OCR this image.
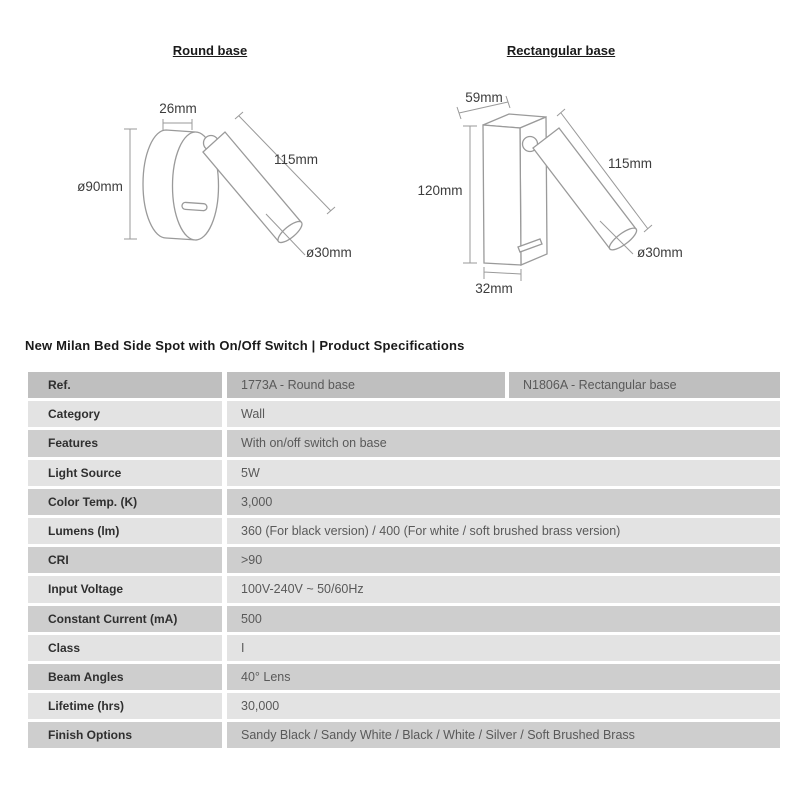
26mm
ø90mm
115mm
ø30mm
59mm
120mm
32mm
115mm
ø30mm
Round base	Rectangular base
New Milan Bed Side Spot with On/Off Switch | Product Specifications
Ref.	1773A - Round base	N1806A - Rectangular base
Category	Wall
Features	With on/off switch on base
Light Source	5W
Color Temp. (K)	3,000
Lumens (lm)	360 (For black version) / 400 (For white / soft brushed brass version)
CRI	>90
Input Voltage	100V-240V ~ 50/60Hz
Constant Current (mA)	500
Class	I
Beam Angles	40° Lens
Lifetime (hrs)	30,000
Finish Options	Sandy Black / Sandy White / Black / White / Silver / Soft Brushed Brass
